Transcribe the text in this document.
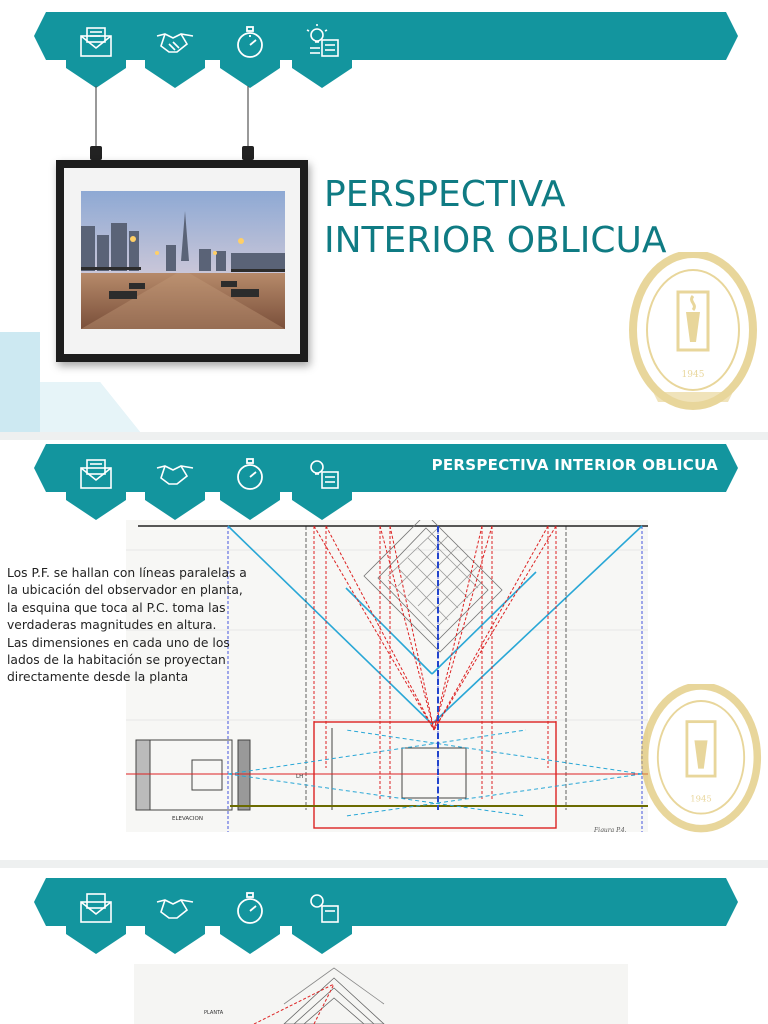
PERSPECTIVA
INTERIOR OBLICUA
1945
PERSPECTIVA INTERIOR OBLICUA
ELEVACION
LH
Figura P.4.
Los P.F. se hallan con líneas paralelas a la ubicación del observador en planta, la esquina que toca al P.C. toma las verdaderas magnitudes en altura.
Las dimensiones en cada uno de los lados de la habitación se proyectan directamente desde la planta
1945
PLANTA
